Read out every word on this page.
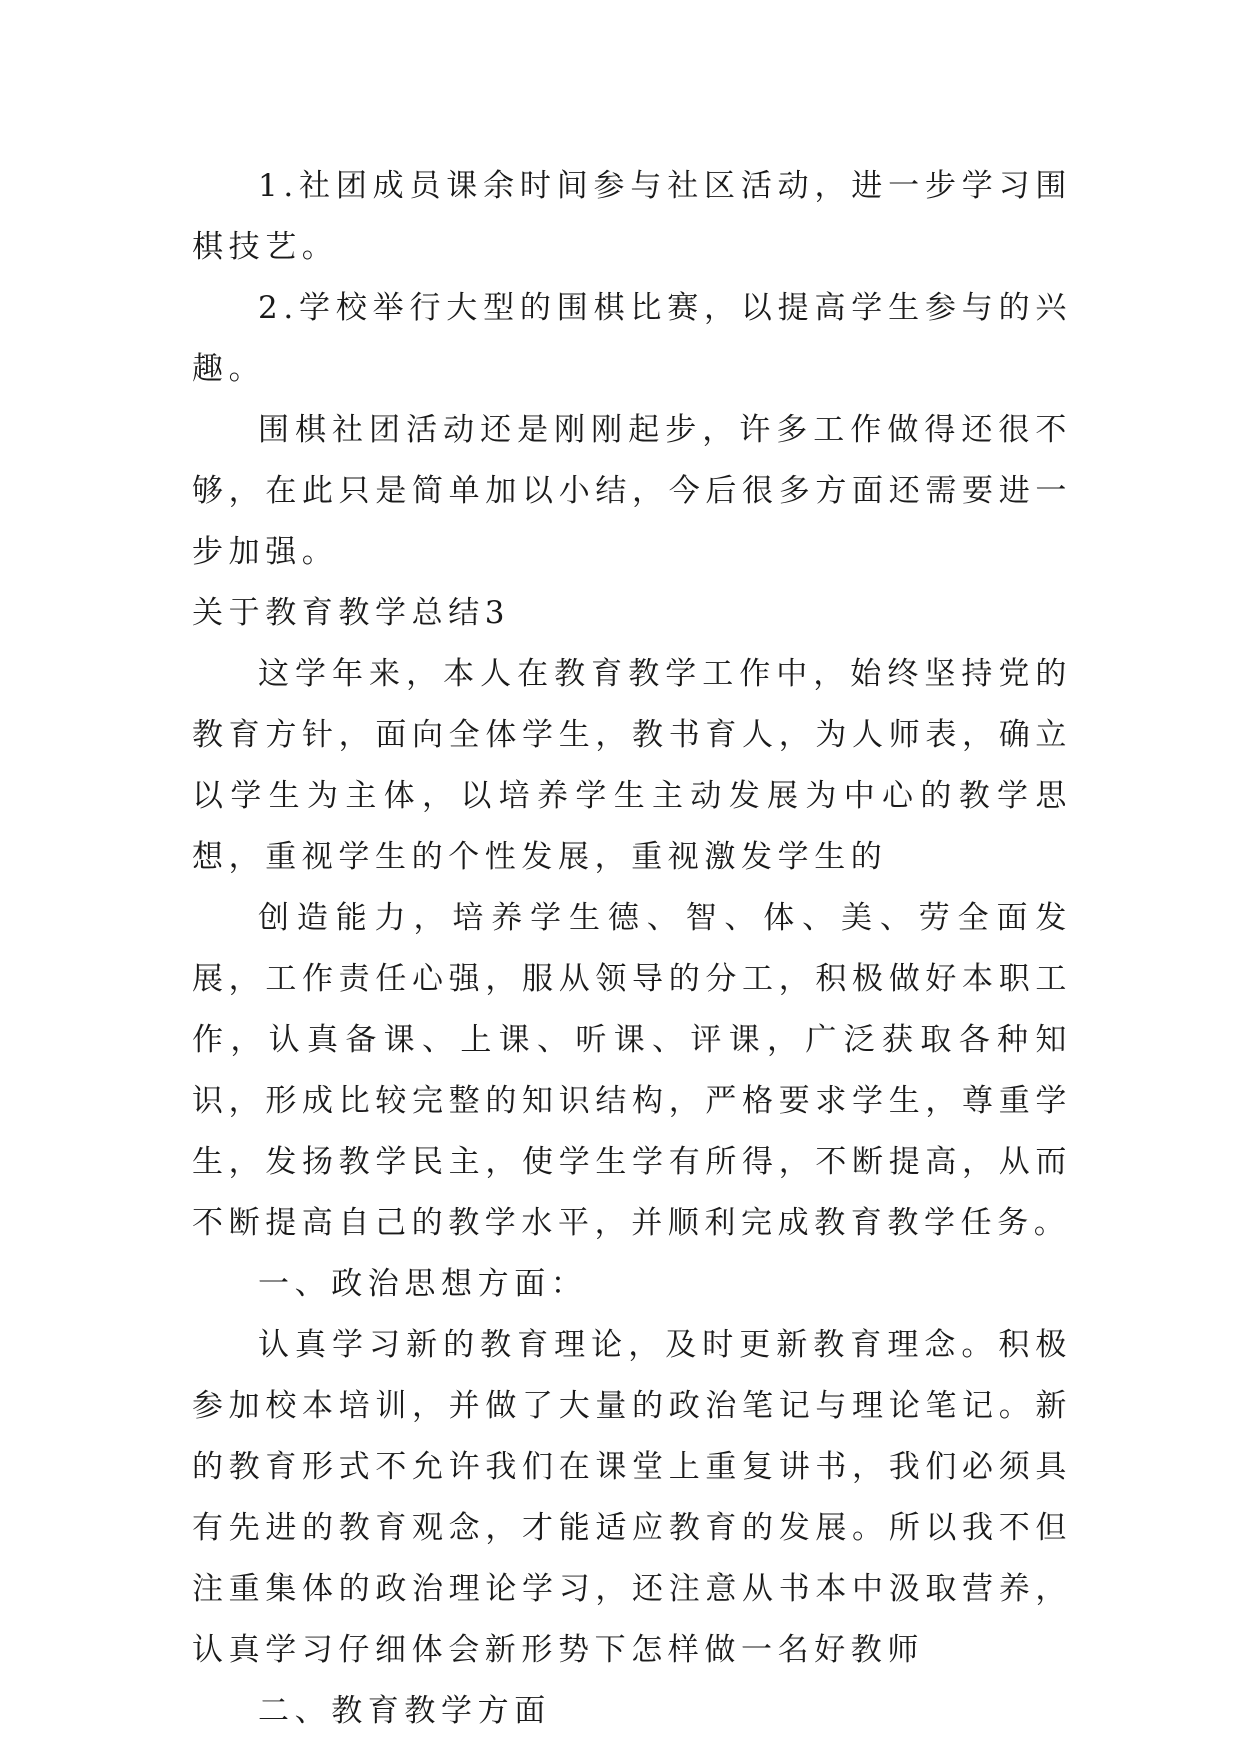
1.社团成员课余时间参与社区活动，进一步学习围棋技艺。

2.学校举行大型的围棋比赛，以提高学生参与的兴趣。

围棋社团活动还是刚刚起步，许多工作做得还很不够，在此只是简单加以小结，今后很多方面还需要进一步加强。

关于教育教学总结3

这学年来，本人在教育教学工作中，始终坚持党的教育方针，面向全体学生，教书育人，为人师表，确立以学生为主体，以培养学生主动发展为中心的教学思想，重视学生的个性发展，重视激发学生的

创造能力，培养学生德、智、体、美、劳全面发展，工作责任心强，服从领导的分工，积极做好本职工作，认真备课、上课、听课、评课，广泛获取各种知识，形成比较完整的知识结构，严格要求学生，尊重学生，发扬教学民主，使学生学有所得，不断提高，从而不断提高自己的教学水平，并顺利完成教育教学任务。

一、政治思想方面：

认真学习新的教育理论，及时更新教育理念。积极参加校本培训，并做了大量的政治笔记与理论笔记。新的教育形式不允许我们在课堂上重复讲书，我们必须具有先进的教育观念，才能适应教育的发展。所以我不但注重集体的政治理论学习，还注意从书本中汲取营养，认真学习仔细体会新形势下怎样做一名好教师

二、教育教学方面
